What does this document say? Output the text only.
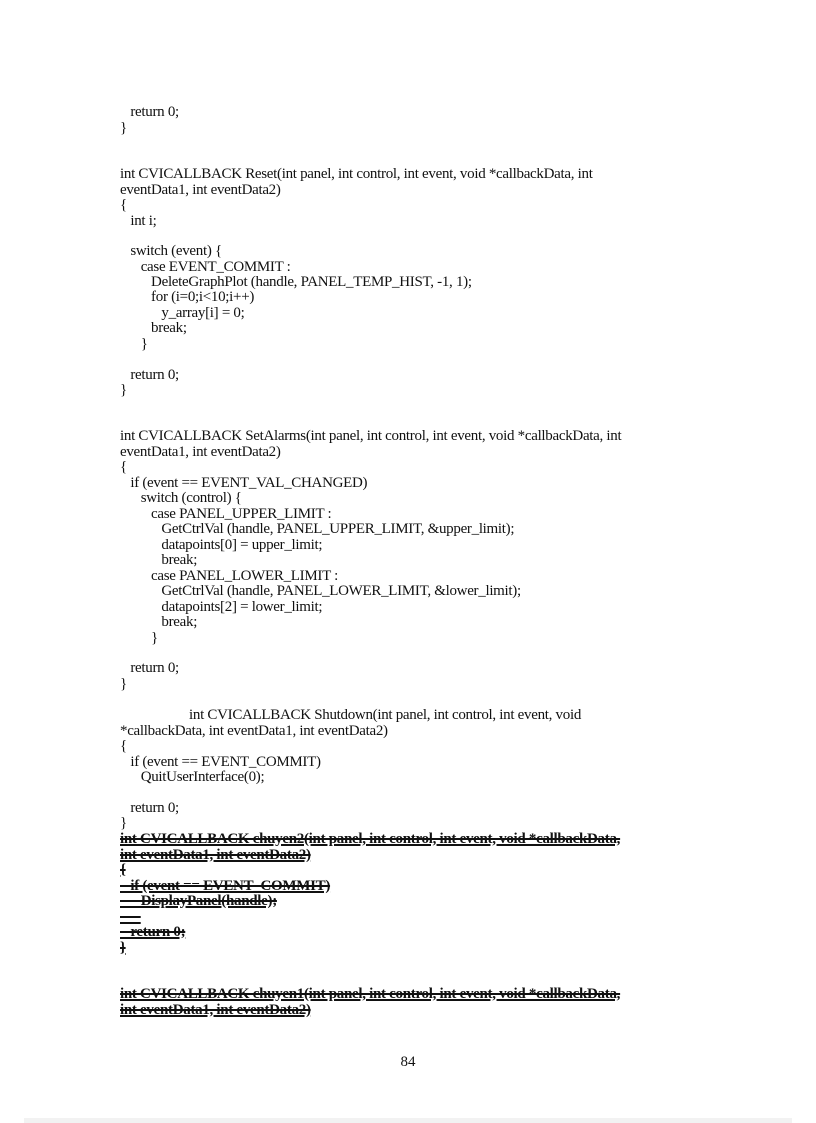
return 0;
}
int CVICALLBACK Reset(int panel, int control, int event, void *callbackData, int
eventData1, int eventData2)
{
int i;
switch (event) {
case EVENT_COMMIT :
DeleteGraphPlot (handle, PANEL_TEMP_HIST, -1, 1);
for (i=0;i<10;i++)
y_array[i] = 0;
break;
}
return 0;
}
int CVICALLBACK SetAlarms(int panel, int control, int event, void *callbackData, int
eventData1, int eventData2)
{
if (event == EVENT_VAL_CHANGED)
switch (control) {
case PANEL_UPPER_LIMIT :
GetCtrlVal (handle, PANEL_UPPER_LIMIT, &upper_limit);
datapoints[0] = upper_limit;
break;
case PANEL_LOWER_LIMIT :
GetCtrlVal (handle, PANEL_LOWER_LIMIT, &lower_limit);
datapoints[2] = lower_limit;
break;
}
return 0;
}
int CVICALLBACK Shutdown(int panel, int control, int event, void
*callbackData, int eventData1, int eventData2)
{
if (event == EVENT_COMMIT)
QuitUserInterface(0);
return 0;
}
int CVICALLBACK chuyen2(int panel, int control, int event, void *callbackData,
int eventData1, int eventData2)
{
if (event == EVENT_COMMIT)
DisplayPanel(handle);

return 0;
}
int CVICALLBACK chuyen1(int panel, int control, int event, void *callbackData,
int eventData1, int eventData2)
84
